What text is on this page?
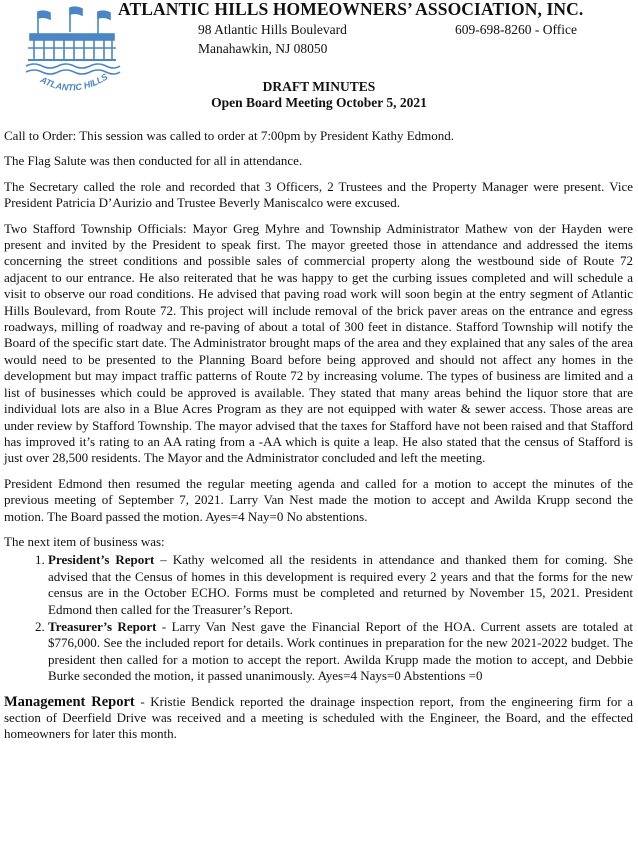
ATLANTIC HILLS
ATLANTIC HILLS HOMEOWNERS’ ASSOCIATION, INC.
98 Atlantic Hills Boulevard	609-698-8260 - Office
Manahawkin, NJ 08050
DRAFT MINUTES
Open Board Meeting October 5, 2021

Call to Order: This session was called to order at 7:00pm by President Kathy Edmond.

The Flag Salute was then conducted for all in attendance.

The Secretary called the role and recorded that 3 Officers, 2 Trustees and the Property Manager were present. Vice President Patricia D’Aurizio and Trustee Beverly Maniscalco were excused.

Two Stafford Township Officials: Mayor Greg Myhre and Township Administrator Mathew von der Hayden were present and invited by the President to speak first. The mayor greeted those in attendance and addressed the items concerning the street conditions and possible sales of commercial property along the westbound side of Route 72 adjacent to our entrance. He also reiterated that he was happy to get the curbing issues completed and will schedule a visit to observe our road conditions. He advised that paving road work will soon begin at the entry segment of Atlantic Hills Boulevard, from Route 72. This project will include removal of the brick paver areas on the entrance and egress roadways, milling of roadway and re-paving of about a total of 300 feet in distance. Stafford Township will notify the Board of the specific start date. The Administrator brought maps of the area and they explained that any sales of the area would need to be presented to the Planning Board before being approved and should not affect any homes in the development but may impact traffic patterns of Route 72 by increasing volume. The types of business are limited and a list of businesses which could be approved is available. They stated that many areas behind the liquor store that are individual lots are also in a Blue Acres Program as they are not equipped with water & sewer access. Those areas are under review by Stafford Township. The mayor advised that the taxes for Stafford have not been raised and that Stafford has improved it’s rating to an AA rating from a -AA which is quite a leap. He also stated that the census of Stafford is just over 28,500 residents. The Mayor and the Administrator concluded and left the meeting.

President Edmond then resumed the regular meeting agenda and called for a motion to accept the minutes of the previous meeting of September 7, 2021. Larry Van Nest made the motion to accept and Awilda Krupp second the motion. The Board passed the motion. Ayes=4 Nay=0 No abstentions.

The next item of business was:

1. President’s Report – Kathy welcomed all the residents in attendance and thanked them for coming. She advised that the Census of homes in this development is required every 2 years and that the forms for the new census are in the October ECHO. Forms must be completed and returned by November 15, 2021. President Edmond then called for the Treasurer’s Report.
2. Treasurer’s Report - Larry Van Nest gave the Financial Report of the HOA. Current assets are totaled at $776,000. See the included report for details. Work continues in preparation for the new 2021-2022 budget. The president then called for a motion to accept the report. Awilda Krupp made the motion to accept, and Debbie Burke seconded the motion, it passed unanimously. Ayes=4 Nays=0 Abstentions =0

Management Report - Kristie Bendick reported the drainage inspection report, from the engineering firm for a section of Deerfield Drive was received and a meeting is scheduled with the Engineer, the Board, and the effected homeowners for later this month.
